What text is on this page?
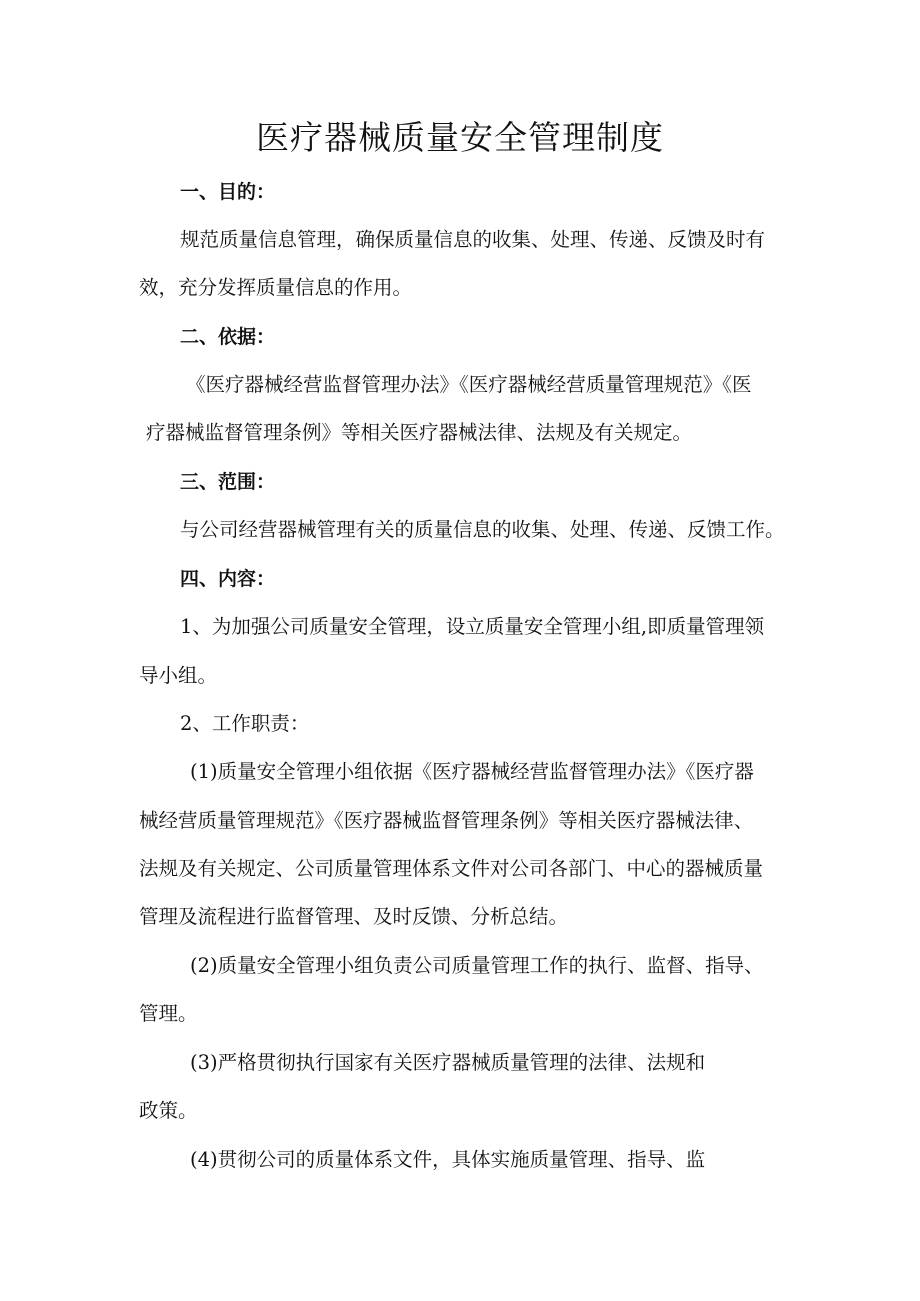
医疗器械质量安全管理制度
一、目的：
规范质量信息管理，确保质量信息的收集、处理、传递、反馈及时有
效，充分发挥质量信息的作用。
二、依据：
《医疗器械经营监督管理办法》《医疗器械经营质量管理规范》《医
疗器械监督管理条例》等相关医疗器械法律、法规及有关规定。
三、范围：
与公司经营器械管理有关的质量信息的收集、处理、传递、反馈工作。
四、内容：
1、为加强公司质量安全管理，设立质量安全管理小组,即质量管理领
导小组。
2、工作职责：
(1)质量安全管理小组依据《医疗器械经营监督管理办法》《医疗器
械经营质量管理规范》《医疗器械监督管理条例》等相关医疗器械法律、
法规及有关规定、公司质量管理体系文件对公司各部门、中心的器械质量
管理及流程进行监督管理、及时反馈、分析总结。
(2)质量安全管理小组负责公司质量管理工作的执行、监督、指导、
管理。
(3)严格贯彻执行国家有关医疗器械质量管理的法律、法规和
政策。
(4)贯彻公司的质量体系文件，具体实施质量管理、指导、监
